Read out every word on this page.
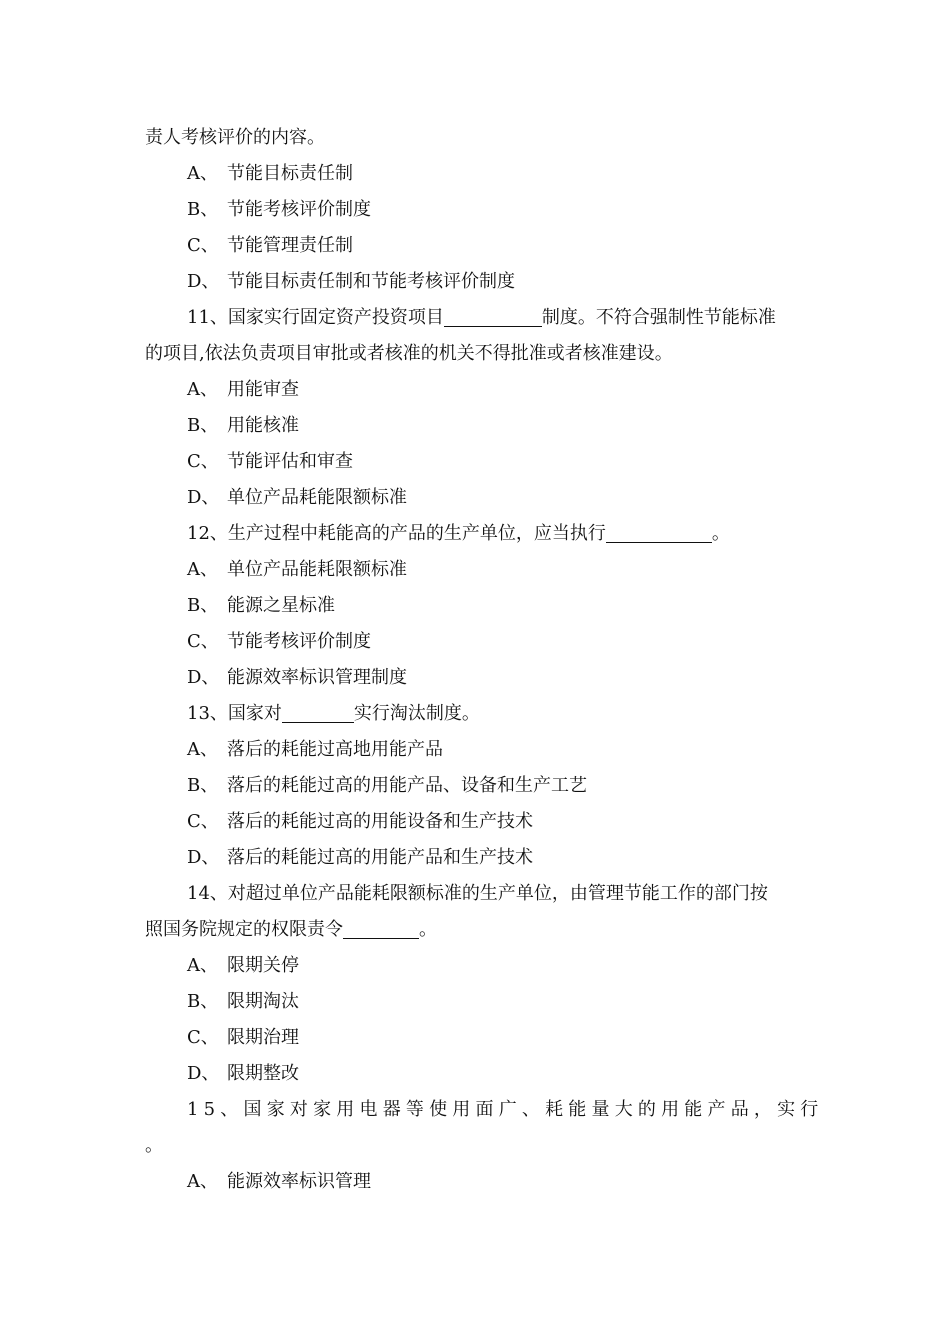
责人考核评价的内容。
A、 节能目标责任制
B、 节能考核评价制度
C、 节能管理责任制
D、 节能目标责任制和节能考核评价制度
11、国家实行固定资产投资项目	制度。不符合强制性节能标准
的项目,依法负责项目审批或者核准的机关不得批准或者核准建设。
A、 用能审查
B、 用能核准
C、 节能评估和审查
D、 单位产品耗能限额标准
12、生产过程中耗能高的产品的生产单位，应当执行	。
A、 单位产品能耗限额标准
B、 能源之星标准
C、 节能考核评价制度
D、 能源效率标识管理制度
13、国家对	实行淘汰制度。
A、 落后的耗能过高地用能产品
B、 落后的耗能过高的用能产品、设备和生产工艺
C、 落后的耗能过高的用能设备和生产技术
D、 落后的耗能过高的用能产品和生产技术
14、对超过单位产品能耗限额标准的生产单位，由管理节能工作的部门按
照国务院规定的权限责令	。
A、 限期关停
B、 限期淘汰
C、 限期治理
D、 限期整改
15、国家对家用电器等使用面广、耗能量大的用能产品，实行
。
A、 能源效率标识管理
